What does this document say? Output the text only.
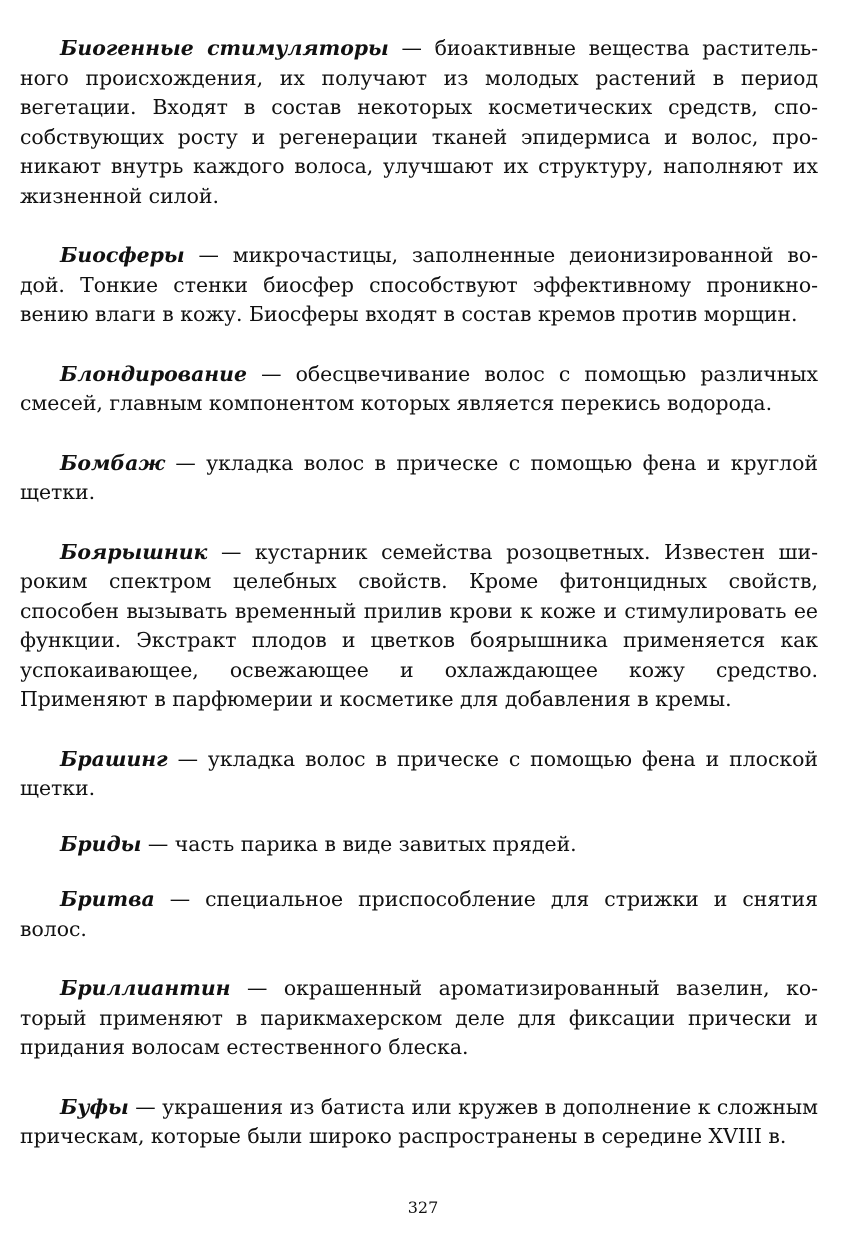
Биогенные стимуляторы — биоактивные вещества растительного происхождения, их получают из молодых растений в период вегетации. Входят в состав некоторых косметических средств, способствующих росту и регенерации тканей эпидермиса и волос, проникают внутрь каждого волоса, улучшают их структуру, наполняют их жизненной силой.

Биосферы — микрочастицы, заполненные деионизированной водой. Тонкие стенки биосфер способствуют эффективному проникновению влаги в кожу. Биосферы входят в состав кремов против морщин.

Блондирование — обесцвечивание волос с помощью различных смесей, главным компонентом которых является перекись водорода.

Бомбаж — укладка волос в прическе с помощью фена и круглой щетки.

Боярышник — кустарник семейства розоцветных. Известен широким спектром целебных свойств. Кроме фитонцидных свойств, способен вызывать временный прилив крови к коже и стимулировать ее функции. Экстракт плодов и цветков боярышника применяется как успокаивающее, освежающее и охлаждающее кожу средство. Применяют в парфюмерии и косметике для добавления в кремы.

Брашинг — укладка волос в прическе с помощью фена и плоской щетки.

Бриды — часть парика в виде завитых прядей.

Бритва — специальное приспособление для стрижки и снятия волос.

Бриллиантин — окрашенный ароматизированный вазелин, который применяют в парикмахерском деле для фиксации прически и придания волосам естественного блеска.

Буфы — украшения из батиста или кружев в дополнение к сложным прическам, которые были широко распространены в середине XVIII в.

327
